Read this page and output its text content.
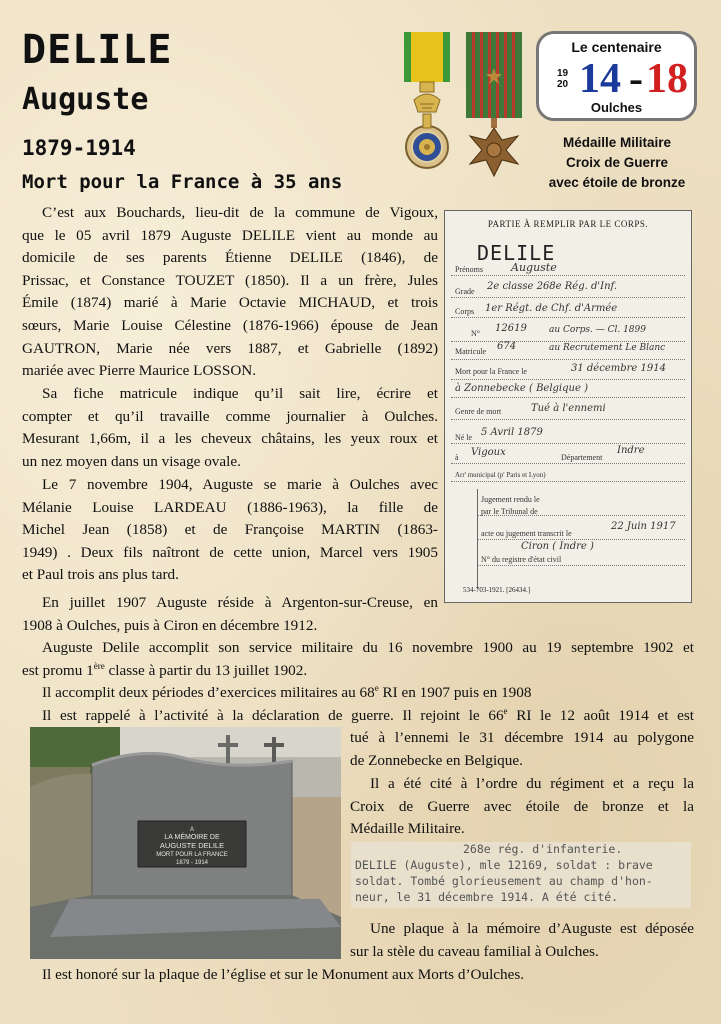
DELILE
Auguste
1879-1914
Mort pour la France à 35 ans
Le centenaire
19
20 14 - 18
Oulches
Médaille Militaire
Croix de Guerre
avec étoile de bronze
C’est aux Bouchards, lieu-dit de la commune de Vigoux,
que le 05 avril 1879 Auguste DELILE vient au monde au
domicile de ses parents Étienne DELILE (1846), de
Prissac, et Constance TOUZET (1850). Il a un frère, Jules
Émile (1874) marié à Marie Octavie MICHAUD, et trois
sœurs, Marie Louise Célestine (1876-1966) épouse de Jean
GAUTRON, Marie née vers 1887, et Gabrielle (1892)
mariée avec Pierre Maurice LOSSON.
Sa fiche matricule indique qu’il sait lire, écrire et
compter et qu’il travaille comme journalier à Oulches.
Mesurant 1,66m, il a les cheveux châtains, les yeux roux et
un nez moyen dans un visage ovale.
Le 7 novembre 1904, Auguste se marie à Oulches avec
Mélanie Louise LARDEAU (1886-1963), la fille de
Michel Jean (1858) et de Françoise MARTIN (1863-
1949) . Deux fils naîtront de cette union, Marcel vers 1905
et Paul trois ans plus tard.
En juillet 1907 Auguste réside à Argenton-sur-Creuse, en
1908 à Oulches, puis à Ciron en décembre 1912.
Auguste Delile accomplit son service militaire du 16 novembre 1900 au 19 septembre 1902 et
est promu 1ère classe à partir du 13 juillet 1902.
Il accomplit deux périodes d’exercices militaires au 68e RI en 1907 puis en 1908
Il est rappelé à l’activité à la déclaration de guerre. Il rejoint le 66e RI le 12 août 1914 et est
tué à l’ennemi le 31 décembre 1914 au polygone
de Zonnebecke en Belgique.
Il a été cité à l’ordre du régiment et a reçu la
Croix de Guerre avec étoile de bronze et la
Médaille Militaire.
268e rég. d'infanterie.
DELILE (Auguste), mle 12169, soldat : brave
soldat. Tombé glorieusement au champ d'hon-
neur, le 31 décembre 1914. A été cité.
Une plaque à la mémoire d’Auguste est déposée
sur la stèle du caveau familial à Oulches.
Il est honoré sur la plaque de l’église et sur le Monument aux Morts d’Oulches.
PARTIE À REMPLIR PAR LE CORPS.
DELILE
Prénoms	Auguste
Grade 2e classe 268e Rég. d'Inf.
Corps 1er Régt. de Chf. d'Armée
N° 12619 au Corps. — Cl. 1899
Matricule 674	au Recrutement Le Blanc
Mort pour la France le	31 décembre 1914
à Zonnebecke ( Belgique )
Genre de mort	Tué à l'ennemi
Né le 5 Avril 1879
à Vigoux	Département
Indre
Arr' municipal (p' Paris et Lyon)
Jugement rendu le
par le Tribunal de
acte ou jugement transcrit le
22 Juin 1917
Ciron ( Indre )
N° du registre d'état civil
534-703-1921. [26434.]
A
LA MÉMOIRE DE
AUGUSTE DELILE
MORT POUR LA FRANCE
1879 - 1914
